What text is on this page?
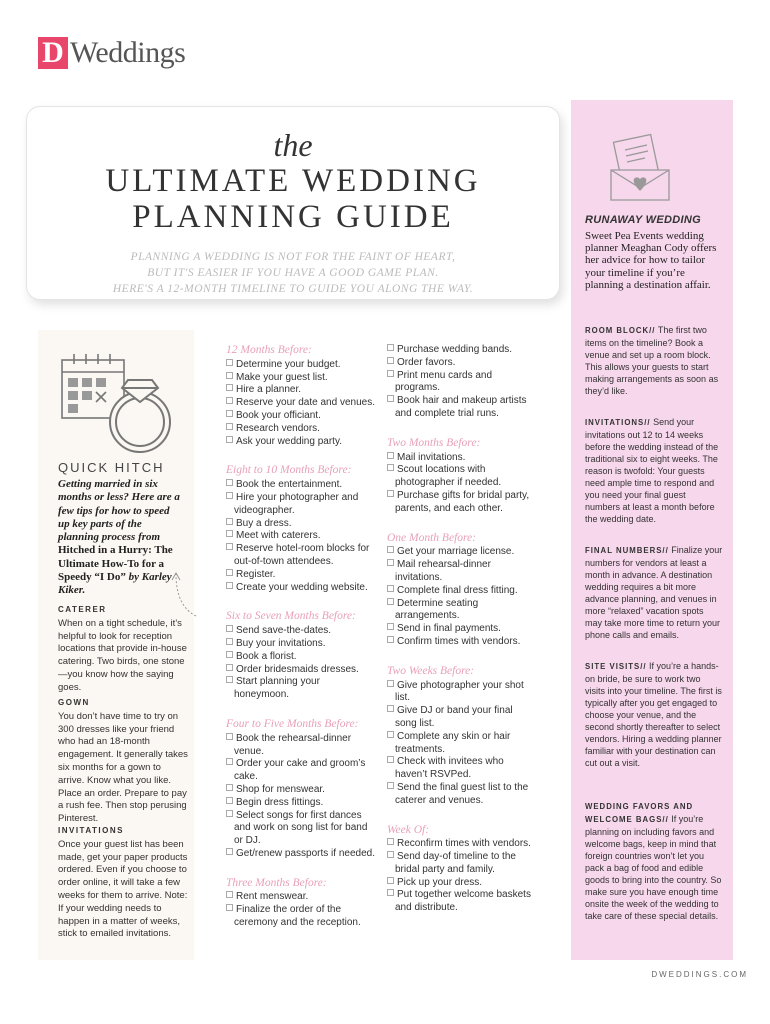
D Weddings
the
ULTIMATE WEDDING
PLANNING GUIDE
PLANNING A WEDDING IS NOT FOR THE FAINT OF HEART,
BUT IT'S EASIER IF YOU HAVE A GOOD GAME PLAN.
HERE'S A 12-MONTH TIMELINE TO GUIDE YOU ALONG THE WAY.
QUICK HITCH
Getting married in six months or less? Here are a few tips for how to speed up key parts of the planning process from Hitched in a Hurry: The Ultimate How-To for a Speedy “I Do” by Karley Kiker.
CATERER
When on a tight schedule, it’s helpful to look for reception locations that provide in-house catering. Two birds, one stone—you know how the saying goes.
GOWN
You don’t have time to try on 300 dresses like your friend who had an 18-month engagement. It generally takes six months for a gown to arrive. Know what you like. Place an order. Prepare to pay a rush fee. Then stop perusing Pinterest.
INVITATIONS
Once your guest list has been made, get your paper products ordered. Even if you choose to order online, it will take a few weeks for them to arrive. Note: If your wedding needs to happen in a matter of weeks, stick to emailed invitations.
12 Months Before:
Determine your budget.
Make your guest list.
Hire a planner.
Reserve your date and venues.
Book your officiant.
Research vendors.
Ask your wedding party.
Eight to 10 Months Before:
Book the entertainment.
Hire your photographer and videographer.
Buy a dress.
Meet with caterers.
Reserve hotel-room blocks for out-of-town attendees.
Register.
Create your wedding website.
Six to Seven Months Before:
Send save-the-dates.
Buy your invitations.
Book a florist.
Order bridesmaids dresses.
Start planning your honeymoon.
Four to Five Months Before:
Book the rehearsal-dinner venue.
Order your cake and groom’s cake.
Shop for menswear.
Begin dress fittings.
Select songs for first dances and work on song list for band or DJ.
Get/renew passports if needed.
Three Months Before:
Rent menswear.
Finalize the order of the ceremony and the reception.
Purchase wedding bands.
Order favors.
Print menu cards and programs.
Book hair and makeup artists and complete trial runs.
Two Months Before:
Mail invitations.
Scout locations with photographer if needed.
Purchase gifts for bridal party, parents, and each other.
One Month Before:
Get your marriage license.
Mail rehearsal-dinner invitations.
Complete final dress fitting.
Determine seating arrangements.
Send in final payments.
Confirm times with vendors.
Two Weeks Before:
Give photographer your shot list.
Give DJ or band your final song list.
Complete any skin or hair treatments.
Check with invitees who haven’t RSVPed.
Send the final guest list to the caterer and venues.
Week Of:
Reconfirm times with vendors.
Send day-of timeline to the bridal party and family.
Pick up your dress.
Put together welcome baskets and distribute.
RUNAWAY WEDDING
Sweet Pea Events wedding planner Meaghan Cody offers her advice for how to tailor your timeline if you’re planning a destination affair.
ROOM BLOCK// The first two items on the timeline? Book a venue and set up a room block. This allows your guests to start making arrangements as soon as they’d like.
INVITATIONS// Send your invitations out 12 to 14 weeks before the wedding instead of the traditional six to eight weeks. The reason is twofold: Your guests need ample time to respond and you need your final guest numbers at least a month before the wedding date.
FINAL NUMBERS// Finalize your numbers for vendors at least a month in advance. A destination wedding requires a bit more advance planning, and venues in more “relaxed” vacation spots may take more time to return your phone calls and emails.
SITE VISITS// If you’re a hands-on bride, be sure to work two visits into your timeline. The first is typically after you get engaged to choose your venue, and the second shortly thereafter to select vendors. Hiring a wedding planner familiar with your destination can cut out a visit.
WEDDING FAVORS AND WELCOME BAGS// If you’re planning on including favors and welcome bags, keep in mind that foreign countries won’t let you pack a bag of food and edible goods to bring into the country. So make sure you have enough time onsite the week of the wedding to take care of these special details.
DWEDDINGS.COM
